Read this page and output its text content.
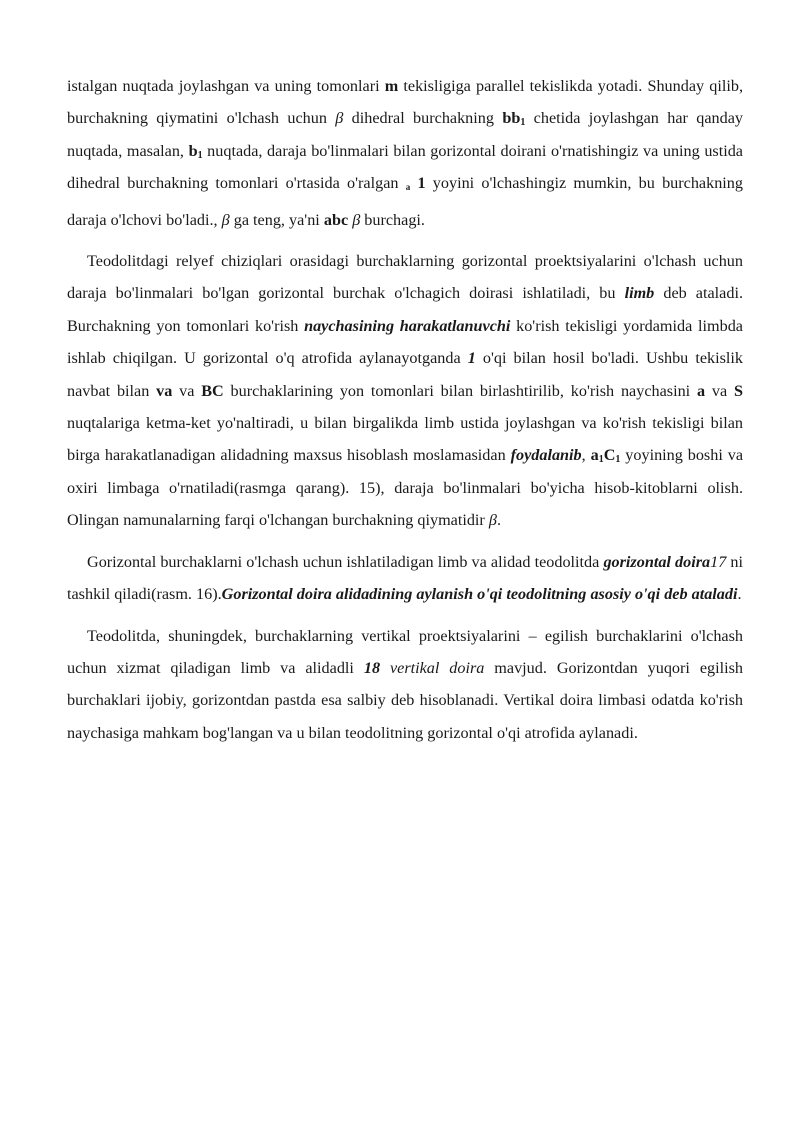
istalgan nuqtada joylashgan va uning tomonlari m tekisligiga parallel tekislikda yotadi. Shunday qilib, burchakning qiymatini o'lchash uchun β dihedral burchakning $bb_1$ chetida joylashgan har qanday nuqtada, masalan, $b_1$ nuqtada, daraja bo'linmalari bilan gorizontal doirani o'rnatishingiz va uning ustida dihedral burchakning tomonlari o'rtasida o'ralgan a 1 yoyini o'lchashingiz mumkin, bu burchakning daraja o'lchovi bo'ladi., β ga teng, ya'ni abc β burchagi.

Teodolitdagi relyef chiziqlari orasidagi burchaklarning gorizontal proektsiyalarini o'lchash uchun daraja bo'linmalari bo'lgan gorizontal burchak o'lchagich doirasi ishlatiladi, bu limb deb ataladi. Burchakning yon tomonlari ko'rish naychasining harakatlanuvchi ko'rish tekisligi yordamida limbda ishlab chiqilgan. U gorizontal o'q atrofida aylanayotganda 1 o'qi bilan hosil bo'ladi. Ushbu tekislik navbat bilan va va BC burchaklarining yon tomonlari bilan birlashtirilib, ko'rish naychasini a va S nuqtalariga ketma-ket yo'naltiradi, u bilan birgalikda limb ustida joylashgan va ko'rish tekisligi bilan birga harakatlanadigan alidadning maxsus hisoblash moslamasidan foydalanib, $a_1C_1$ yoyining boshi va oxiri limbaga o'rnatiladi(rasmga qarang). 15), daraja bo'linmalari bo'yicha hisob-kitoblarni olish. Olingan namunalarning farqi o'lchangan burchakning qiymatidir β.

Gorizontal burchaklarni o'lchash uchun ishlatiladigan limb va alidad teodolitda gorizontal doira17 ni tashkil qiladi(rasm. 16).Gorizontal doira alidadining aylanish o'qi teodolitning asosiy o'qi deb ataladi.

Teodolitda, shuningdek, burchaklarning vertikal proektsiyalarini – egilish burchaklarini o'lchash uchun xizmat qiladigan limb va alidadli 18 vertikal doira mavjud. Gorizontdan yuqori egilish burchaklari ijobiy, gorizontdan pastda esa salbiy deb hisoblanadi. Vertikal doira limbasi odatda ko'rish naychasiga mahkam bog'langan va u bilan teodolitning gorizontal o'qi atrofida aylanadi.
